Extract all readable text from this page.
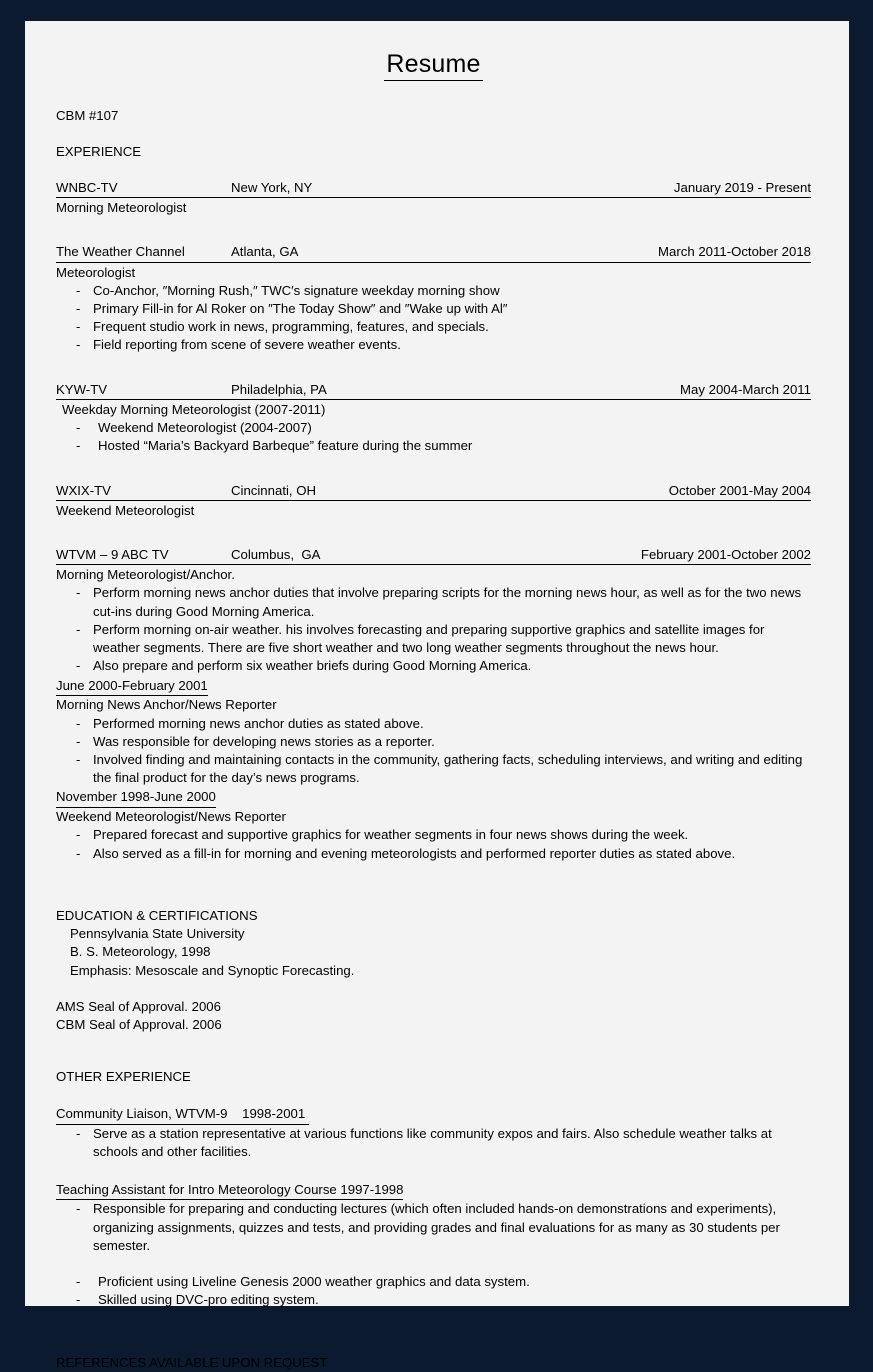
Resume
CBM #107
EXPERIENCE
WNBC-TV	New York, NY	January 2019 - Present
Morning Meteorologist
The Weather Channel	Atlanta, GA	March 2011-October 2018
Meteorologist
- Co-Anchor, ″Morning Rush,″ TWC′s signature weekday morning show
- Primary Fill-in for Al Roker on ″The Today Show″ and ″Wake up with Al″
- Frequent studio work in news, programming, features, and specials.
- Field reporting from scene of severe weather events.
KYW-TV	Philadelphia, PA	May 2004-March 2011
Weekday Morning Meteorologist (2007-2011)
- Weekend Meteorologist (2004-2007)
- Hosted “Maria’s Backyard Barbeque” feature during the summer
WXIX-TV	Cincinnati, OH	October 2001-May 2004
Weekend Meteorologist
WTVM – 9 ABC TV	Columbus,  GA	February 2001-October 2002
Morning Meteorologist/Anchor.
- Perform morning news anchor duties that involve preparing scripts for the morning news hour, as well as for the two news cut-ins during Good Morning America.
- Perform morning on-air weather. his involves forecasting and preparing supportive graphics and satellite images for weather segments. There are five short weather and two long weather segments throughout the news hour.
- Also prepare and perform six weather briefs during Good Morning America.
June 2000-February 2001
Morning News Anchor/News Reporter
- Performed morning news anchor duties as stated above.
- Was responsible for developing news stories as a reporter.
- Involved finding and maintaining contacts in the community, gathering facts, scheduling interviews, and writing and editing the final product for the day’s news programs.
November 1998-June 2000
Weekend Meteorologist/News Reporter
- Prepared forecast and supportive graphics for weather segments in four news shows during the week.
- Also served as a fill-in for morning and evening meteorologists and performed reporter duties as stated above.
EDUCATION & CERTIFICATIONS
Pennsylvania State University
B. S. Meteorology, 1998
Emphasis: Mesoscale and Synoptic Forecasting.
AMS Seal of Approval. 2006
CBM Seal of Approval. 2006
OTHER EXPERIENCE
Community Liaison, WTVM-9    1998-2001
- Serve as a station representative at various functions like community expos and fairs. Also schedule weather talks at schools and other facilities.
Teaching Assistant for Intro Meteorology Course 1997-1998
- Responsible for preparing and conducting lectures (which often included hands-on demonstrations and experiments), organizing assignments, quizzes and tests, and providing grades and final evaluations for as many as 30 students per semester.
- Proficient using Liveline Genesis 2000 weather graphics and data system.
- Skilled using DVC-pro editing system.
REFERENCES AVAILABLE UPON REQUEST
